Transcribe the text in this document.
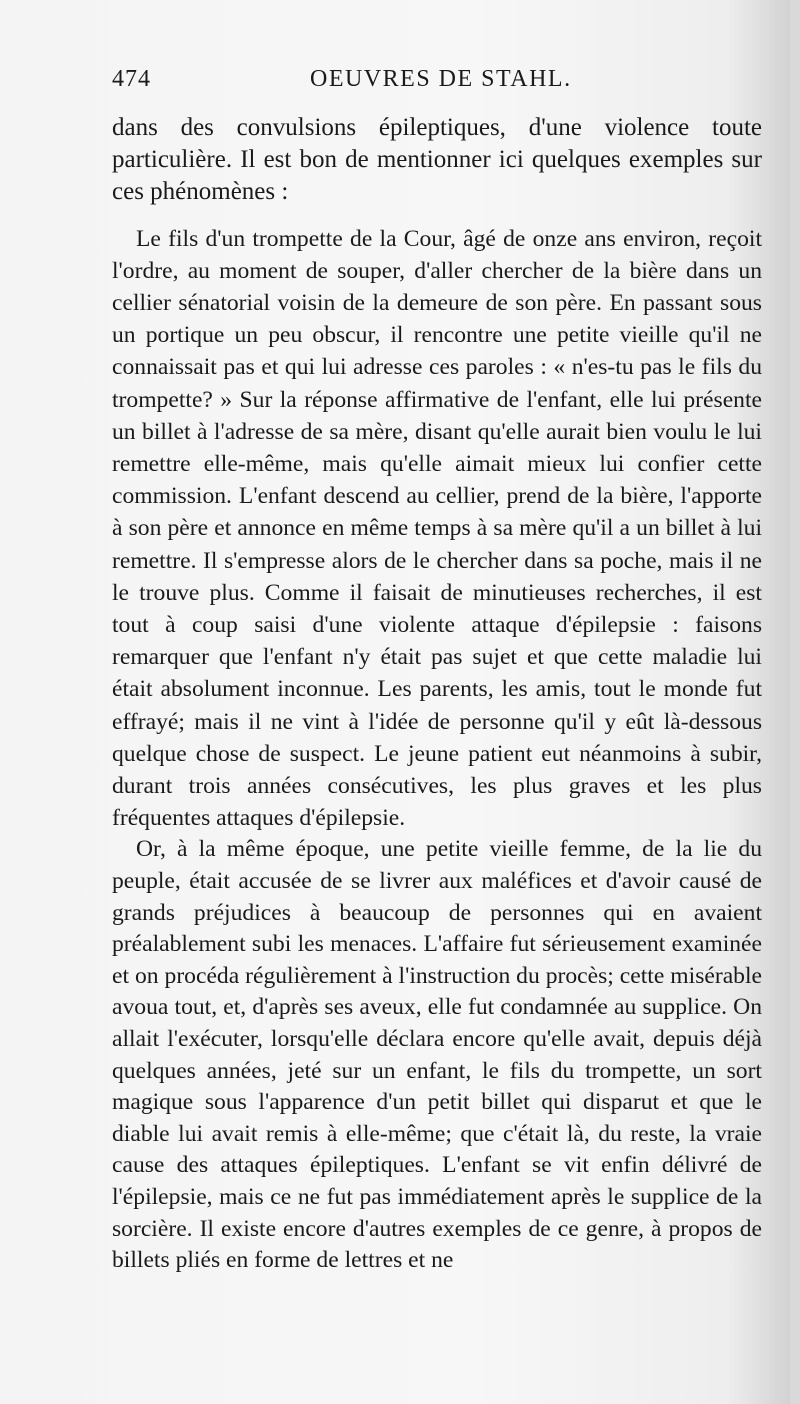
474	OEUVRES DE STAHL.

dans des convulsions épileptiques, d'une violence toute particulière. Il est bon de mentionner ici quelques exemples sur ces phénomènes :

Le fils d'un trompette de la Cour, âgé de onze ans environ, reçoit l'ordre, au moment de souper, d'aller chercher de la bière dans un cellier sénatorial voisin de la demeure de son père. En passant sous un portique un peu obscur, il rencontre une petite vieille qu'il ne connaissait pas et qui lui adresse ces paroles : « n'es-tu pas le fils du trompette? » Sur la réponse affirmative de l'enfant, elle lui présente un billet à l'adresse de sa mère, disant qu'elle aurait bien voulu le lui remettre elle-même, mais qu'elle aimait mieux lui confier cette commission. L'enfant descend au cellier, prend de la bière, l'apporte à son père et annonce en même temps à sa mère qu'il a un billet à lui remettre. Il s'empresse alors de le chercher dans sa poche, mais il ne le trouve plus. Comme il faisait de minutieuses recherches, il est tout à coup saisi d'une violente attaque d'épilepsie : faisons remarquer que l'enfant n'y était pas sujet et que cette maladie lui était absolument inconnue. Les parents, les amis, tout le monde fut effrayé; mais il ne vint à l'idée de personne qu'il y eût là-dessous quelque chose de suspect. Le jeune patient eut néanmoins à subir, durant trois années consécutives, les plus graves et les plus fréquentes attaques d'épilepsie.

Or, à la même époque, une petite vieille femme, de la lie du peuple, était accusée de se livrer aux maléfices et d'avoir causé de grands préjudices à beaucoup de personnes qui en avaient préalablement subi les menaces. L'affaire fut sérieusement examinée et on procéda régulièrement à l'instruction du procès; cette misérable avoua tout, et, d'après ses aveux, elle fut condamnée au supplice. On allait l'exécuter, lorsqu'elle déclara encore qu'elle avait, depuis déjà quelques années, jeté sur un enfant, le fils du trompette, un sort magique sous l'apparence d'un petit billet qui disparut et que le diable lui avait remis à elle-même; que c'était là, du reste, la vraie cause des attaques épileptiques. L'enfant se vit enfin délivré de l'épilepsie, mais ce ne fut pas immédiatement après le supplice de la sorcière. Il existe encore d'autres exemples de ce genre, à propos de billets pliés en forme de lettres et ne
